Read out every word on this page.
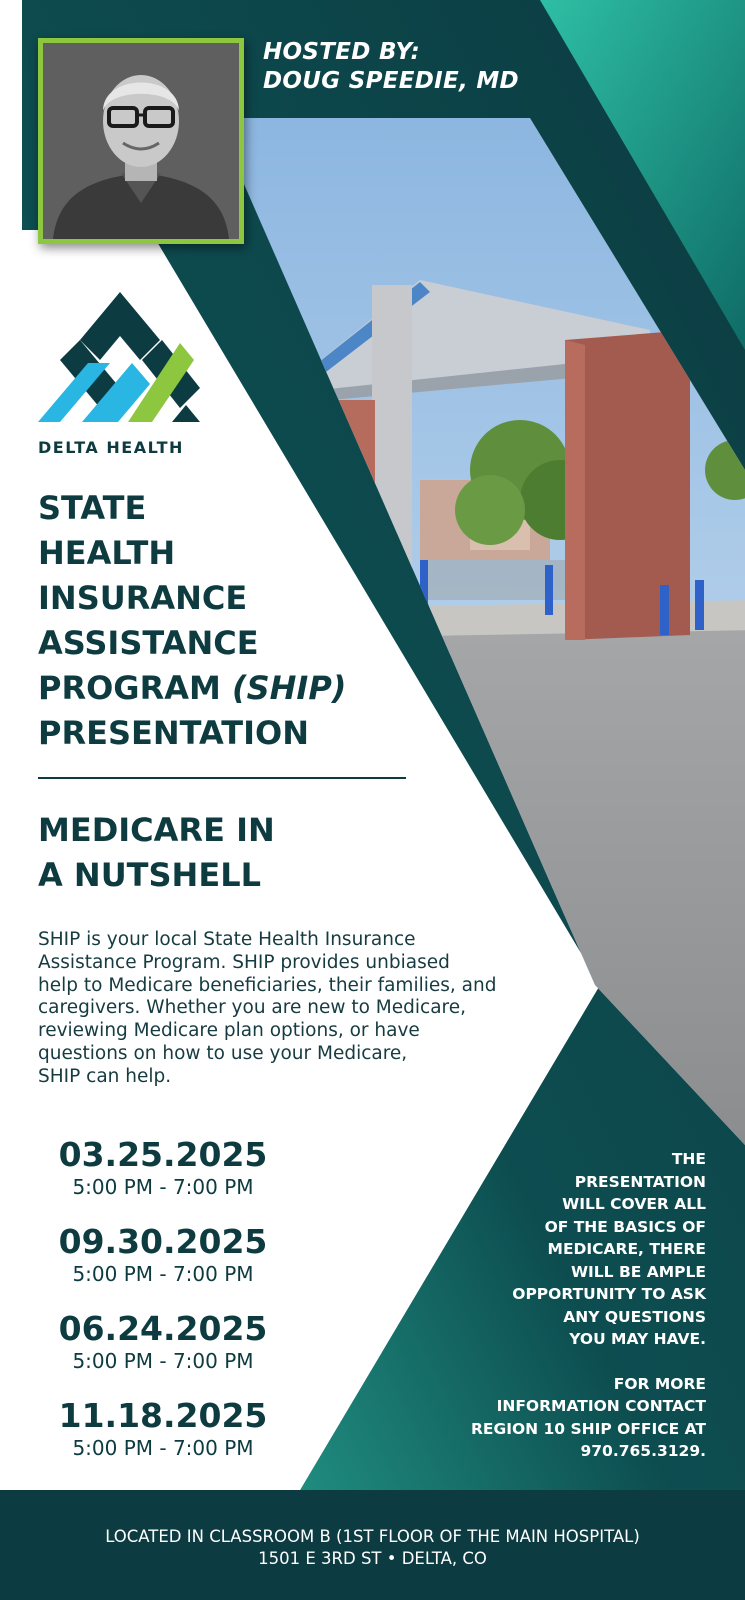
HOSTED BY:
DOUG SPEEDIE, MD
DELTA HEALTH
STATE
HEALTH
INSURANCE
ASSISTANCE
PROGRAM (SHIP)
PRESENTATION
MEDICARE IN
A NUTSHELL
SHIP is your local State Health Insurance
Assistance Program. SHIP provides unbiased
help to Medicare beneficiaries, their families, and
caregivers. Whether you are new to Medicare,
reviewing Medicare plan options, or have
questions on how to use your Medicare,
SHIP can help.
03.25.2025
5:00 PM - 7:00 PM
09.30.2025
5:00 PM - 7:00 PM
06.24.2025
5:00 PM - 7:00 PM
11.18.2025
5:00 PM - 7:00 PM
THE
PRESENTATION
WILL COVER ALL
OF THE BASICS OF
MEDICARE, THERE
WILL BE AMPLE
OPPORTUNITY TO ASK
ANY QUESTIONS
YOU MAY HAVE.
FOR MORE
INFORMATION CONTACT
REGION 10 SHIP OFFICE AT
970.765.3129.
LOCATED IN CLASSROOM B (1ST FLOOR OF THE MAIN HOSPITAL)
1501 E 3RD ST • DELTA, CO
